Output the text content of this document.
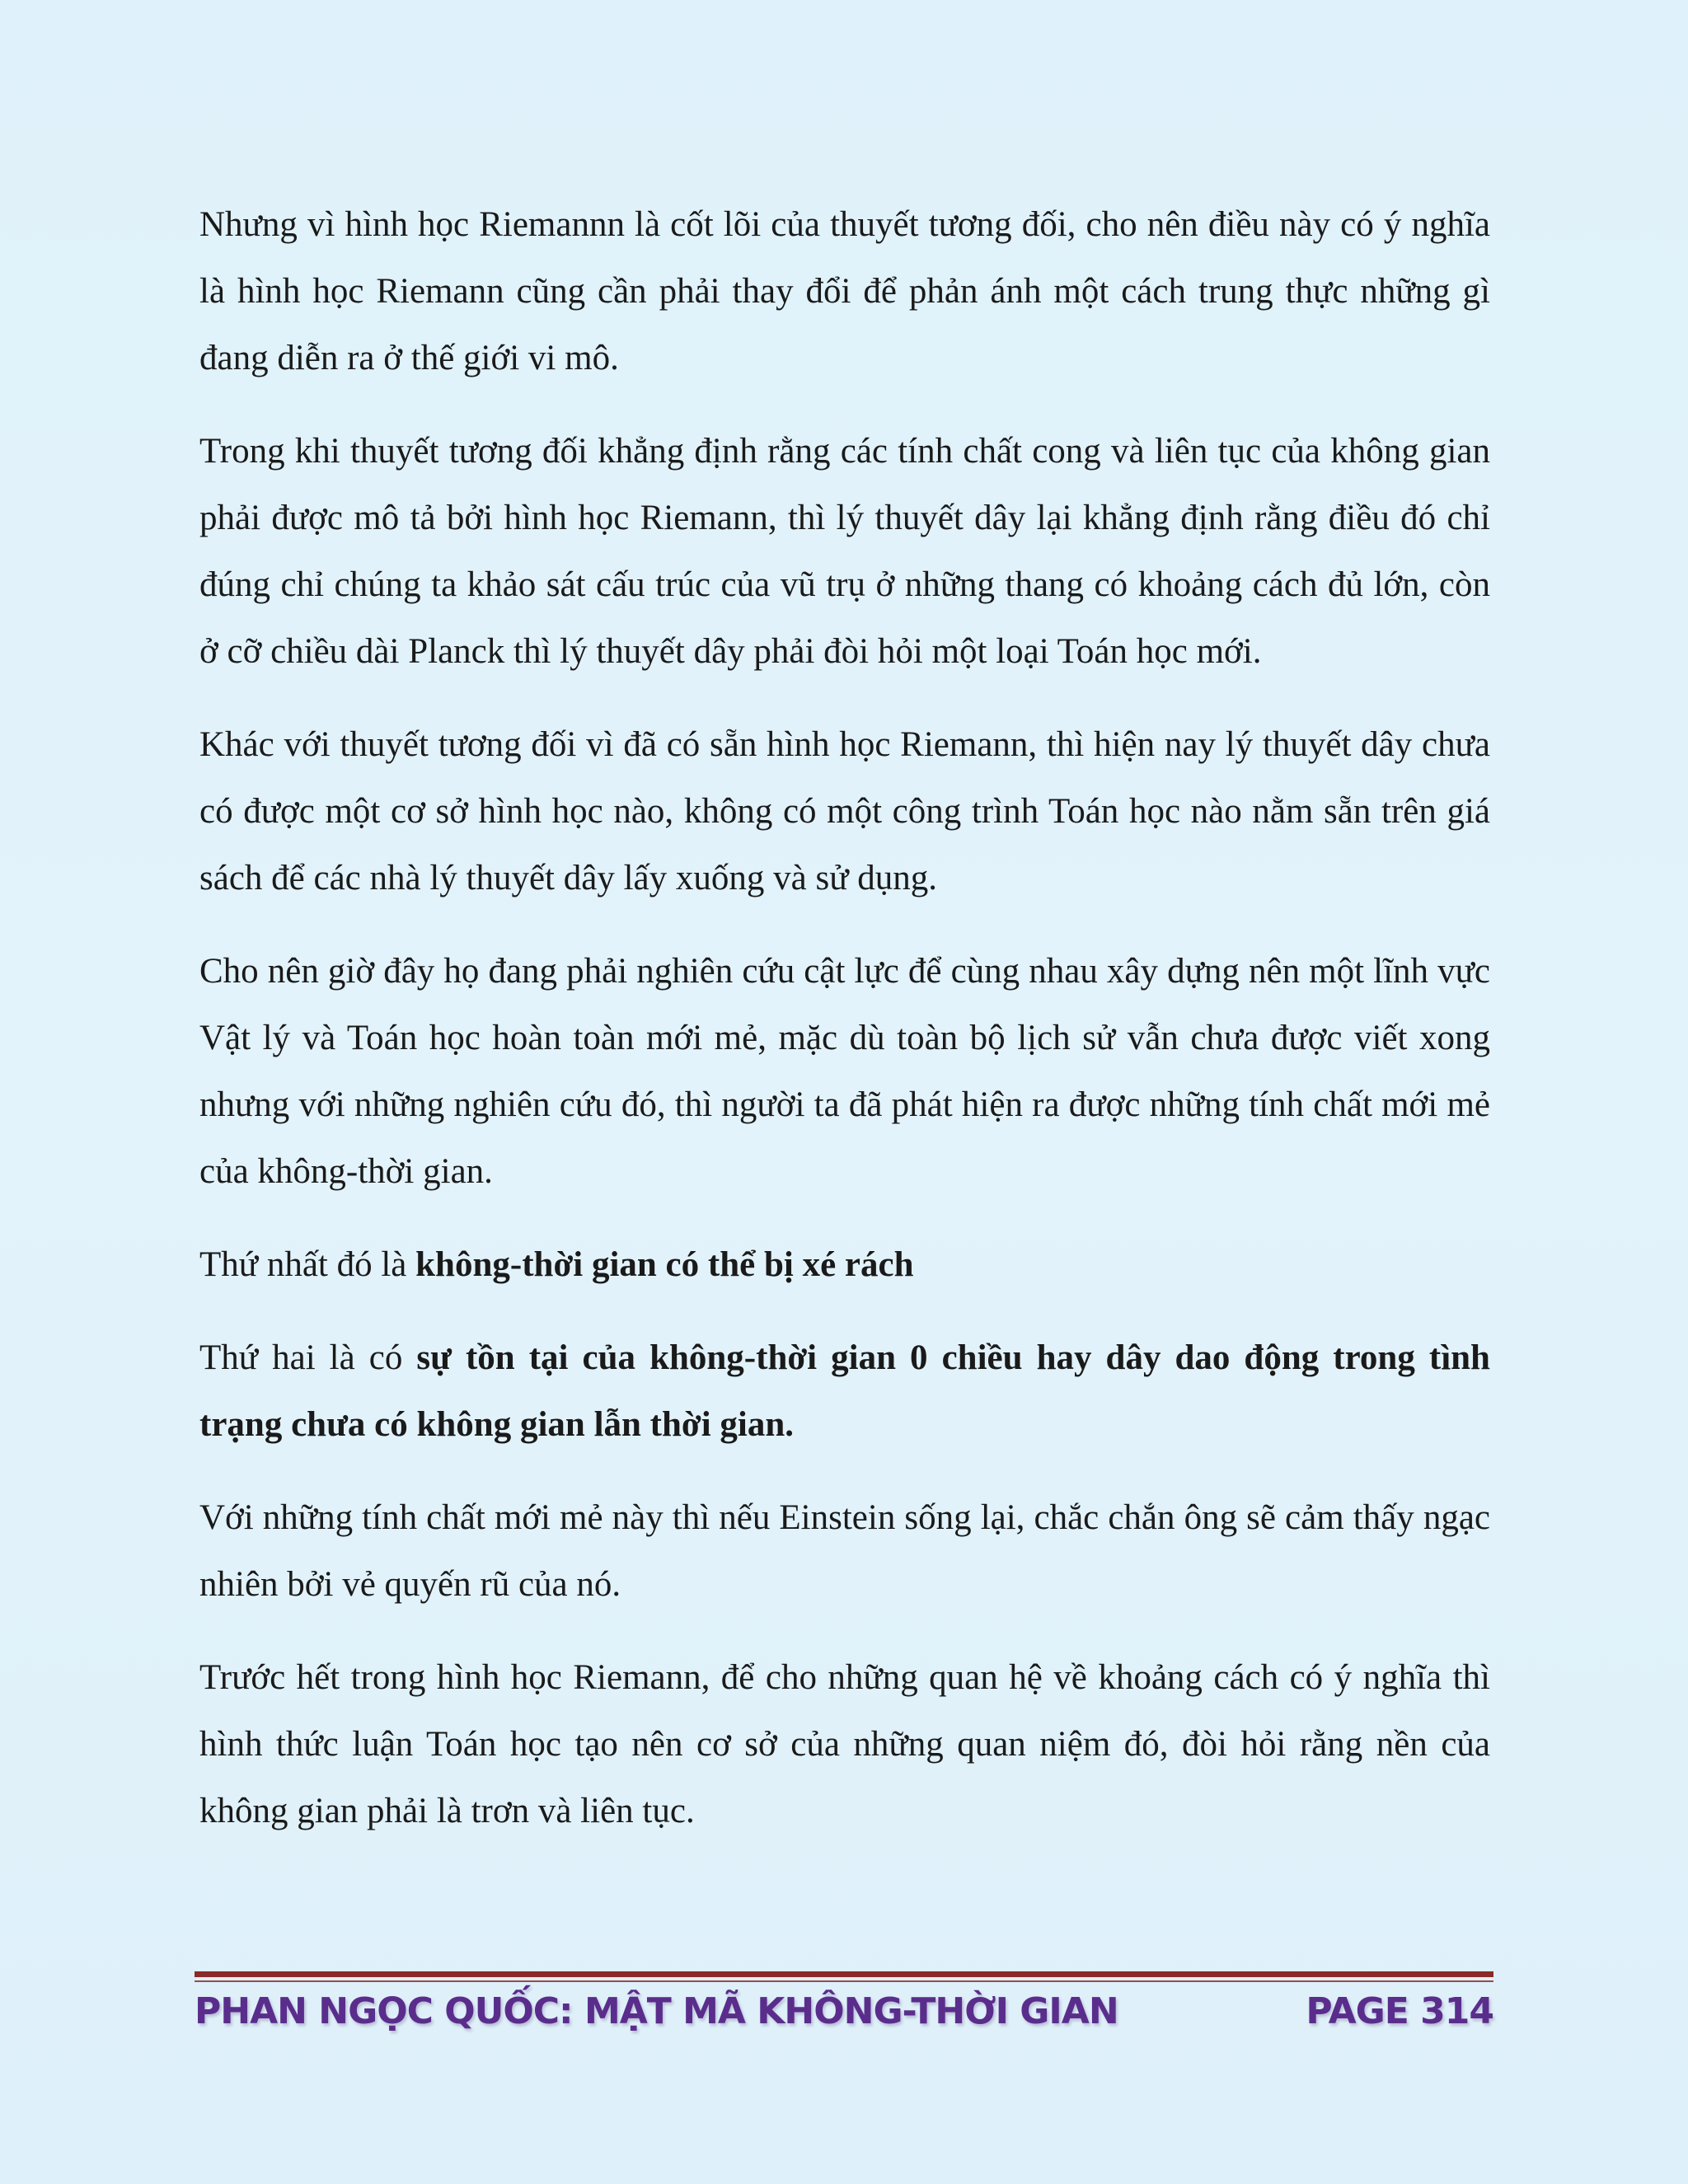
Nhưng vì hình học Riemannn là cốt lõi của thuyết tương đối, cho nên điều này có ý nghĩa là hình học Riemann cũng cần phải thay đổi để phản ánh một cách trung thực những gì đang diễn ra ở thế giới vi mô.

Trong khi thuyết tương đối khẳng định rằng các tính chất cong và liên tục của không gian phải được mô tả bởi hình học Riemann, thì lý thuyết dây lại khẳng định rằng điều đó chỉ đúng chỉ chúng ta khảo sát cấu trúc của vũ trụ ở những thang có khoảng cách đủ lớn, còn ở cỡ chiều dài Planck thì lý thuyết dây phải đòi hỏi một loại Toán học mới.

Khác với thuyết tương đối vì đã có sẵn hình học Riemann, thì hiện nay lý thuyết dây chưa có được một cơ sở hình học nào, không có một công trình Toán học nào nằm sẵn trên giá sách để các nhà lý thuyết dây lấy xuống và sử dụng.

Cho nên giờ đây họ đang phải nghiên cứu cật lực để cùng nhau xây dựng nên một lĩnh vực Vật lý và Toán học hoàn toàn mới mẻ, mặc dù toàn bộ lịch sử vẫn chưa được viết xong nhưng với những nghiên cứu đó, thì người ta đã phát hiện ra được những tính chất mới mẻ của không-thời gian.

Thứ nhất đó là không-thời gian có thể bị xé rách

Thứ hai là có sự tồn tại của không-thời gian 0 chiều hay dây dao động trong tình trạng chưa có không gian lẫn thời gian.

Với những tính chất mới mẻ này thì nếu Einstein sống lại, chắc chắn ông sẽ cảm thấy ngạc nhiên bởi vẻ quyến rũ của nó.

Trước hết trong hình học Riemann, để cho những quan hệ về khoảng cách có ý nghĩa thì hình thức luận Toán học tạo nên cơ sở của những quan niệm đó, đòi hỏi rằng nền của không gian phải là trơn và liên tục.

PHAN NGỌC QUỐC: MẬT MÃ KHÔNG-THỜI GIAN	PAGE 314
